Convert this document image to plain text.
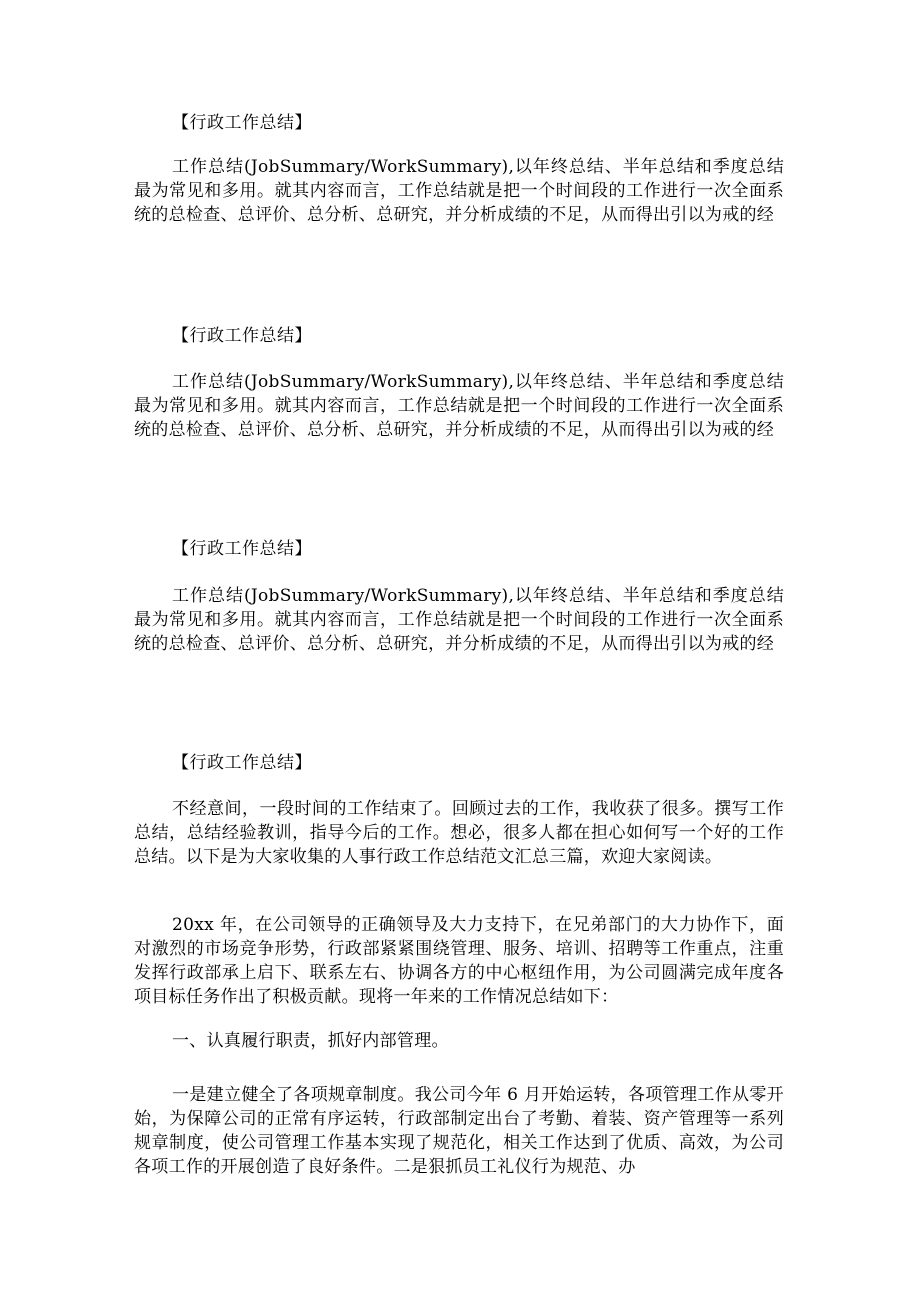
【行政工作总结】

工作总结(JobSummary/WorkSummary),以年终总结、半年总结和季度总结最为常见和多用。就其内容而言，工作总结就是把一个时间段的工作进行一次全面系统的总检查、总评价、总分析、总研究，并分析成绩的不足，从而得出引以为戒的经

【行政工作总结】

工作总结(JobSummary/WorkSummary),以年终总结、半年总结和季度总结最为常见和多用。就其内容而言，工作总结就是把一个时间段的工作进行一次全面系统的总检查、总评价、总分析、总研究，并分析成绩的不足，从而得出引以为戒的经

【行政工作总结】

工作总结(JobSummary/WorkSummary),以年终总结、半年总结和季度总结最为常见和多用。就其内容而言，工作总结就是把一个时间段的工作进行一次全面系统的总检查、总评价、总分析、总研究，并分析成绩的不足，从而得出引以为戒的经

【行政工作总结】

不经意间，一段时间的工作结束了。回顾过去的工作，我收获了很多。撰写工作总结，总结经验教训，指导今后的工作。想必，很多人都在担心如何写一个好的工作总结。以下是为大家收集的人事行政工作总结范文汇总三篇，欢迎大家阅读。

20xx 年，在公司领导的正确领导及大力支持下，在兄弟部门的大力协作下，面对激烈的市场竞争形势，行政部紧紧围绕管理、服务、培训、招聘等工作重点，注重发挥行政部承上启下、联系左右、协调各方的中心枢纽作用，为公司圆满完成年度各项目标任务作出了积极贡献。现将一年来的工作情况总结如下：

一、认真履行职责，抓好内部管理。

一是建立健全了各项规章制度。我公司今年 6 月开始运转，各项管理工作从零开始，为保障公司的正常有序运转，行政部制定出台了考勤、着装、资产管理等一系列规章制度，使公司管理工作基本实现了规范化，相关工作达到了优质、高效，为公司各项工作的开展创造了良好条件。二是狠抓员工礼仪行为规范、办
